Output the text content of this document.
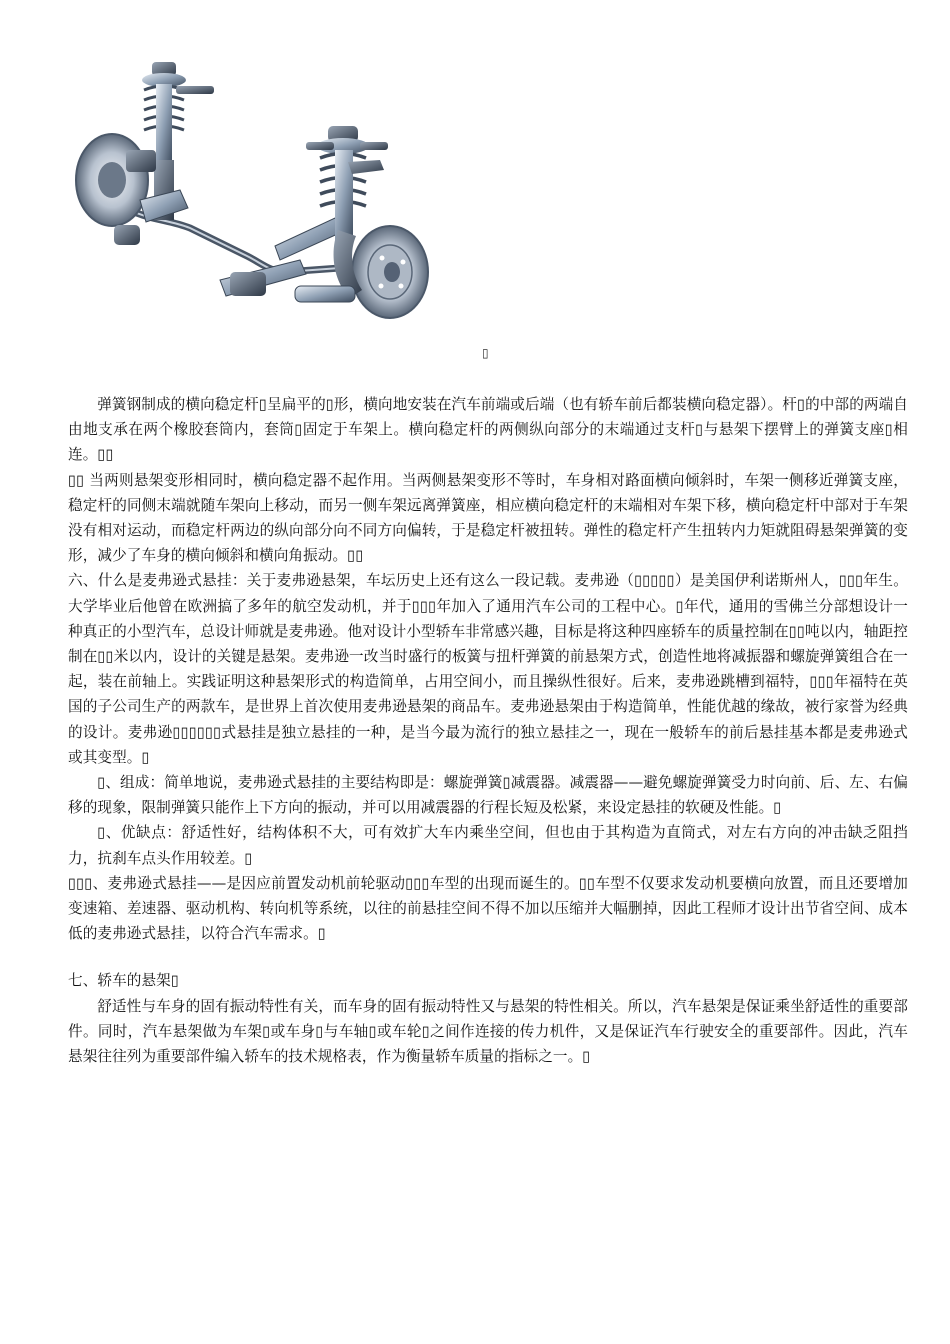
▯

弹簧钢制成的横向稳定杆▯呈扁平的▯形，横向地安装在汽车前端或后端（也有轿车前后都装横向稳定器）。杆▯的中部的两端自由地支承在两个橡胶套筒内，套筒▯固定于车架上。横向稳定杆的两侧纵向部分的末端通过支杆▯与悬架下摆臂上的弹簧支座▯相连。▯▯

▯▯ 当两则悬架变形相同时，横向稳定器不起作用。当两侧悬架变形不等时，车身相对路面横向倾斜时，车架一侧移近弹簧支座，稳定杆的同侧末端就随车架向上移动，而另一侧车架远离弹簧座，相应横向稳定杆的末端相对车架下移，横向稳定杆中部对于车架没有相对运动，而稳定杆两边的纵向部分向不同方向偏转，于是稳定杆被扭转。弹性的稳定杆产生扭转内力矩就阻碍悬架弹簧的变形，减少了车身的横向倾斜和横向角振动。▯▯

六、什么是麦弗逊式悬挂：关于麦弗逊悬架，车坛历史上还有这么一段记载。麦弗逊（▯▯▯▯▯）是美国伊利诺斯州人，▯▯▯年生。大学毕业后他曾在欧洲搞了多年的航空发动机，并于▯▯▯年加入了通用汽车公司的工程中心。▯年代，通用的雪佛兰分部想设计一种真正的小型汽车，总设计师就是麦弗逊。他对设计小型轿车非常感兴趣，目标是将这种四座轿车的质量控制在▯▯吨以内，轴距控制在▯▯米以内，设计的关键是悬架。麦弗逊一改当时盛行的板簧与扭杆弹簧的前悬架方式，创造性地将减振器和螺旋弹簧组合在一起，装在前轴上。实践证明这种悬架形式的构造简单，占用空间小，而且操纵性很好。后来，麦弗逊跳槽到福特，▯▯▯年福特在英国的子公司生产的两款车，是世界上首次使用麦弗逊悬架的商品车。麦弗逊悬架由于构造简单，性能优越的缘故，被行家誉为经典的设计。麦弗逊▯▯▯▯▯▯式悬挂是独立悬挂的一种，是当今最为流行的独立悬挂之一，现在一般轿车的前后悬挂基本都是麦弗逊式或其变型。▯

▯、组成：简单地说，麦弗逊式悬挂的主要结构即是：螺旋弹簧▯减震器。减震器——避免螺旋弹簧受力时向前、后、左、右偏移的现象，限制弹簧只能作上下方向的振动，并可以用减震器的行程长短及松紧，来设定悬挂的软硬及性能。▯

▯、优缺点：舒适性好，结构体积不大，可有效扩大车内乘坐空间，但也由于其构造为直筒式，对左右方向的冲击缺乏阻挡力，抗刹车点头作用较差。▯

▯▯▯、麦弗逊式悬挂——是因应前置发动机前轮驱动▯▯▯车型的出现而诞生的。▯▯车型不仅要求发动机要横向放置，而且还要增加变速箱、差速器、驱动机构、转向机等系统，以往的前悬挂空间不得不加以压缩并大幅删掉，因此工程师才设计出节省空间、成本低的麦弗逊式悬挂，以符合汽车需求。▯

七、轿车的悬架▯

舒适性与车身的固有振动特性有关，而车身的固有振动特性又与悬架的特性相关。所以，汽车悬架是保证乘坐舒适性的重要部件。同时，汽车悬架做为车架▯或车身▯与车轴▯或车轮▯之间作连接的传力机件，又是保证汽车行驶安全的重要部件。因此，汽车悬架往往列为重要部件编入轿车的技术规格表，作为衡量轿车质量的指标之一。▯
